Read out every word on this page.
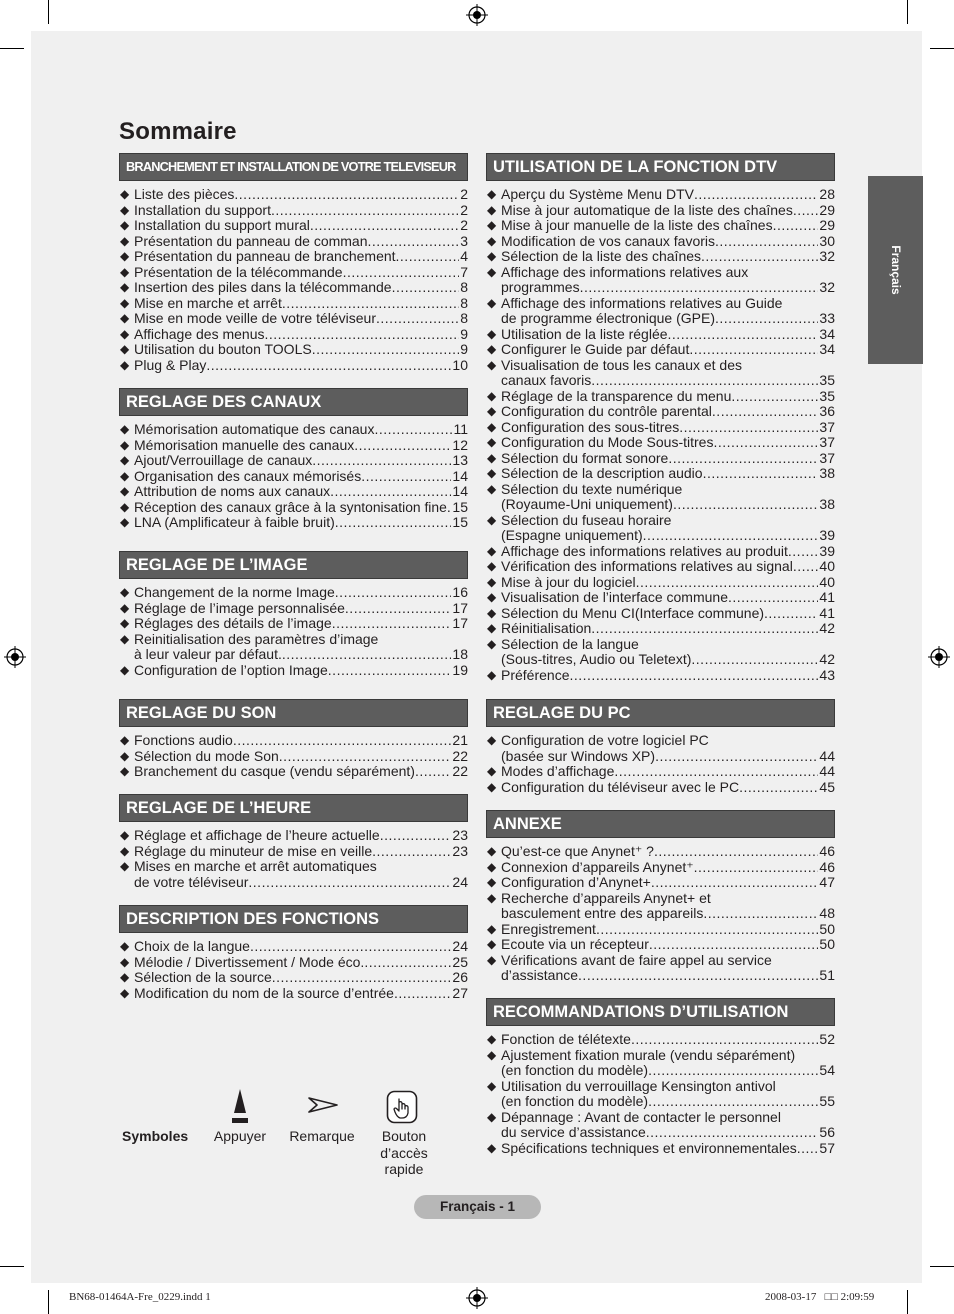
Sommaire
BRANCHEMENT ET INSTALLATION DE VOTRE TELEVISEUR
◆ Liste des pièces .....	2
◆ Installation du support .....	2
◆ Installation du support mural .....	2
◆ Présentation du panneau de comman .....	3
◆ Présentation du panneau de branchement .....	4
◆ Présentation de la télécommande .....	7
◆ Insertion des piles dans la télécommande .....	8
◆ Mise en marche et arrêt .....	8
◆ Mise en mode veille de votre téléviseur .....	8
◆ Affichage des menus .....	9
◆ Utilisation du bouton TOOLS .....	9
◆ Plug & Play .....	10
REGLAGE DES CANAUX
◆ Mémorisation automatique des canaux .....	11
◆ Mémorisation manuelle des canaux .....	12
◆ Ajout/Verrouillage de canaux .....	13
◆ Organisation des canaux mémorisés .....	14
◆ Attribution de noms aux canaux .....	14
◆ Réception des canaux grâce à la syntonisation fine ..... 15
◆ LNA (Amplificateur à faible bruit) .....	15
REGLAGE DE L’IMAGE
◆ Changement de la norme Image .....	16
◆ Réglage de l’image personnalisée .....	17
◆ Réglages des détails de l’image .....	17
◆ Reinitialisation des paramètres d’image
à leur valeur par défaut. .....	18
◆ Configuration de l’option Image .....	19
REGLAGE DU SON
◆ Fonctions audio .....	21
◆ Sélection du mode Son .....	22
◆ Branchement du casque (vendu séparément) .....	22
REGLAGE DE L’HEURE
◆ Réglage et affichage de l’heure actuelle .....	23
◆ Réglage du minuteur de mise en veille .....	23
◆ Mises en marche et arrêt automatiques
de votre téléviseur .....	24
DESCRIPTION DES FONCTIONS
◆ Choix de la langue .....	24
◆ Mélodie / Divertissement / Mode éco. .....	25
◆ Sélection de la source .....	26
◆ Modification du nom de la source d’entrée .....	27
UTILISATION DE LA FONCTION DTV
◆ Aperçu du Système Menu DTV .....	28
◆ Mise à jour automatique de la liste des chaînes ..... 29
◆ Mise à jour manuelle de la liste des chaînes .....	29
◆ Modification de vos canaux favoris .....	30
◆ Sélection de la liste des chaînes .....	32
◆ Affichage des informations relatives aux
programmes .....	32
◆ Affichage des informations relatives au Guide
de programme électronique (GPE) .....	33
◆ Utilisation de la liste réglée .....	34
◆ Configurer le Guide par défaut .....	34
◆ Visualisation de tous les canaux et des
canaux favoris .....	35
◆ Réglage de la transparence du menu .....	35
◆ Configuration du contrôle parental .....	36
◆ Configuration des sous-titres .....	37
◆ Configuration du Mode Sous-titres .....	37
◆ Sélection du format sonore .....	37
◆ Sélection de la description audio .....	38
◆ Sélection du texte numérique
(Royaume-Uni uniquement) .....	38
◆ Sélection du fuseau horaire
(Espagne uniquement) .....	39
◆ Affichage des informations relatives au produit ..... 39
◆ Vérification des informations relatives au signal ..... 40
◆ Mise à jour du logiciel .....	40
◆ Visualisation de l’interface commune .....	41
◆ Sélection du Menu CI(Interface commune) .....	41
◆ Réinitialisation .....	42
◆ Sélection de la langue
(Sous-titres, Audio ou Teletext) .....	42
◆ Préférence .....	43
REGLAGE DU PC
◆ Configuration de votre logiciel PC
(basée sur Windows XP) .....	44
◆ Modes d’affichage .....	44
◆ Configuration du téléviseur avec le PC .....	45
ANNEXE
◆ Qu’est-ce que Anynet⁺ ? .....	46
◆ Connexion d’appareils Anynet⁺ .....	46
◆ Configuration d’Anynet+ .....	47
◆ Recherche d’appareils Anynet+ et
basculement entre des appareils .....	48
◆ Enregistrement .....	50
◆ Ecoute via un récepteur .....	50
◆ Vérifications avant de faire appel au service
d’assistance .....	51
RECOMMANDATIONS D’UTILISATION
◆ Fonction de télétexte .....	52
◆ Ajustement fixation murale (vendu séparément)
(en fonction du modèle) .....	54
◆ Utilisation du verrouillage Kensington antivol
(en fonction du modèle) .....	55
◆ Dépannage : Avant de contacter le personnel
du service d’assistance .....	56
◆ Spécifications techniques et environnementales ..... 57
Français
Symboles	Appuyer	Remarque	Bouton
d’accès
rapide
Français - 1
BN68-01464A-Fre_0229.indd 1	2008-03-17   □□ 2:09:59
